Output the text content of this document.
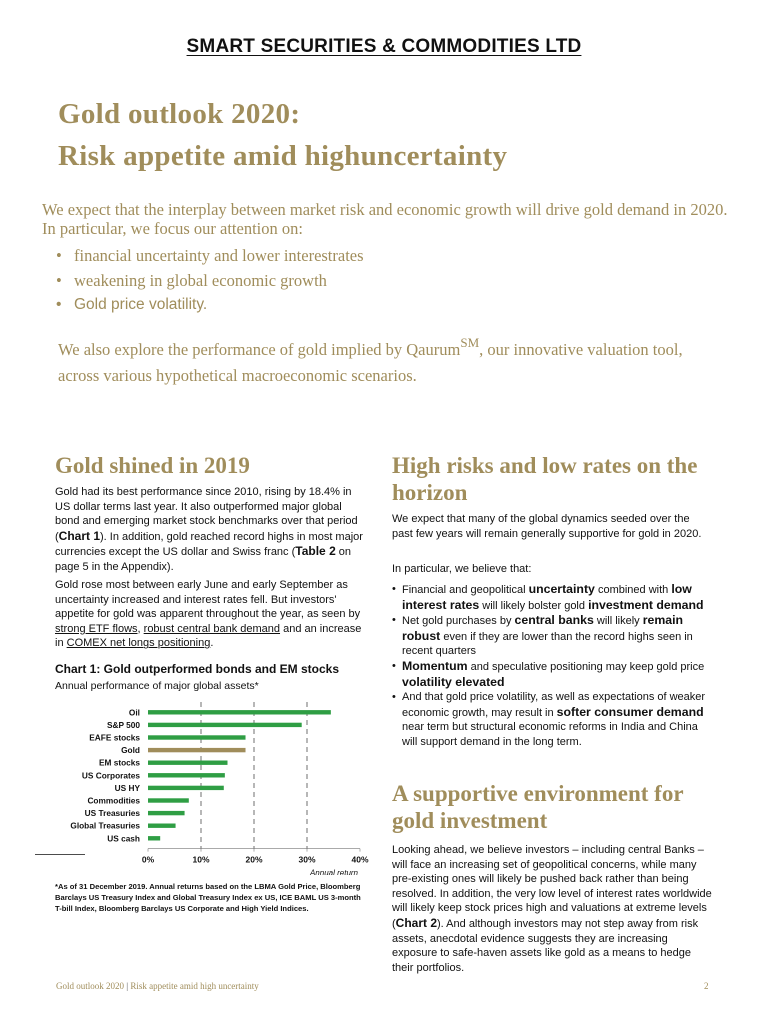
SMART SECURITIES & COMMODITIES LTD
Gold outlook 2020:
Risk appetite amid highuncertainty
We expect that the interplay between market risk and economic growth will drive gold demand in 2020. In particular, we focus our attention on:
• financial uncertainty and lower interestrates
• weakening in global economic growth
• Gold price volatility.
We also explore the performance of gold implied by Qaurum℠, our innovative valuation tool, across various hypothetical macroeconomic scenarios.
Gold shined in 2019
Gold had its best performance since 2010, rising by 18.4% in US dollar terms last year. It also outperformed major global bond and emerging market stock benchmarks over that period (Chart 1). In addition, gold reached record highs in most major currencies except the US dollar and Swiss franc (Table 2 on page 5 in the Appendix).
Gold rose most between early June and early September as uncertainty increased and interest rates fell. But investors' appetite for gold was apparent throughout the year, as seen by strong ETF flows, robust central bank demand and an increase in COMEX net longs positioning.
Chart 1: Gold outperformed bonds and EM stocks
Annual performance of major global assets*
Oil
S&P 500
EAFE stocks
Gold
EM stocks
US Corporates
US HY
Commodities
US Treasuries
Global Treasuries
US cash
0%	10%	20%	30%	40%
Annual return
*As of 31 December 2019. Annual returns based on the LBMA Gold Price, Bloomberg Barclays US Treasury Index and Global Treasury Index ex US, ICE BAML US 3-month T-bill Index, Bloomberg Barclays US Corporate and High Yield Indices.
High risks and low rates on the horizon
We expect that many of the global dynamics seeded over the past few years will remain generally supportive for gold in 2020.
In particular, we believe that:
• Financial and geopolitical uncertainty combined with low interest rates will likely bolster gold investment demand
• Net gold purchases by central banks will likely remain robust even if they are lower than the record highs seen in recent quarters
• Momentum and speculative positioning may keep gold price volatility elevated
• And that gold price volatility, as well as expectations of weaker economic growth, may result in softer consumer demand near term but structural economic reforms in India and China will support demand in the long term.
A supportive environment for gold investment
Looking ahead, we believe investors – including central Banks – will face an increasing set of geopolitical concerns, while many pre-existing ones will likely be pushed back rather than being resolved. In addition, the very low level of interest rates worldwide will likely keep stock prices high and valuations at extreme levels (Chart 2). And although investors may not step away from risk assets, anecdotal evidence suggests they are increasing exposure to safe-haven assets like gold as a means to hedge their portfolios.
Gold outlook 2020 | Risk appetite amid high uncertainty	2
